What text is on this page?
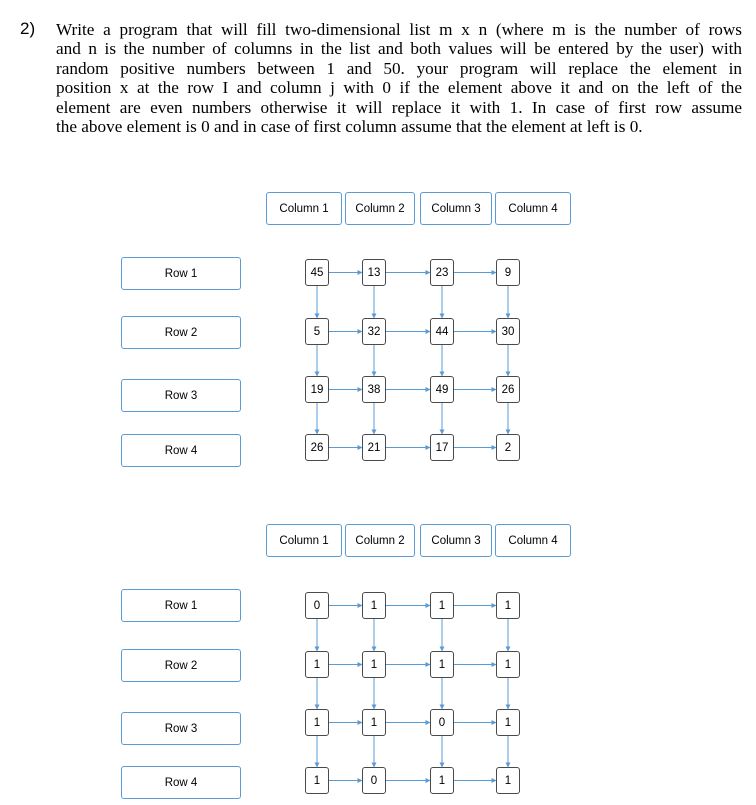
2) Write a program that will fill two-dimensional list m x n (where m is the number of rows
and n is the number of columns in the list and both values will be entered by the user) with
random positive numbers between 1 and 50. your program will replace the element in
position x at the row I and column j with 0 if the element above it and on the left of the
element are even numbers otherwise it will replace it with 1. In case of first row assume
the above element is 0 and in case of first column assume that the element at left is 0.

Column 1	Column 2	Column 3	Column 4
Row 1
Row 2
Row 3
Row 4
45	13	23	9
5	32	44	30
19	38	49	26
26	21	17	2
Column 1	Column 2	Column 3	Column 4
Row 1
Row 2
Row 3
Row 4
0	1	1	1
1	1	1	1
1	1	0	1
1	0	1	1
